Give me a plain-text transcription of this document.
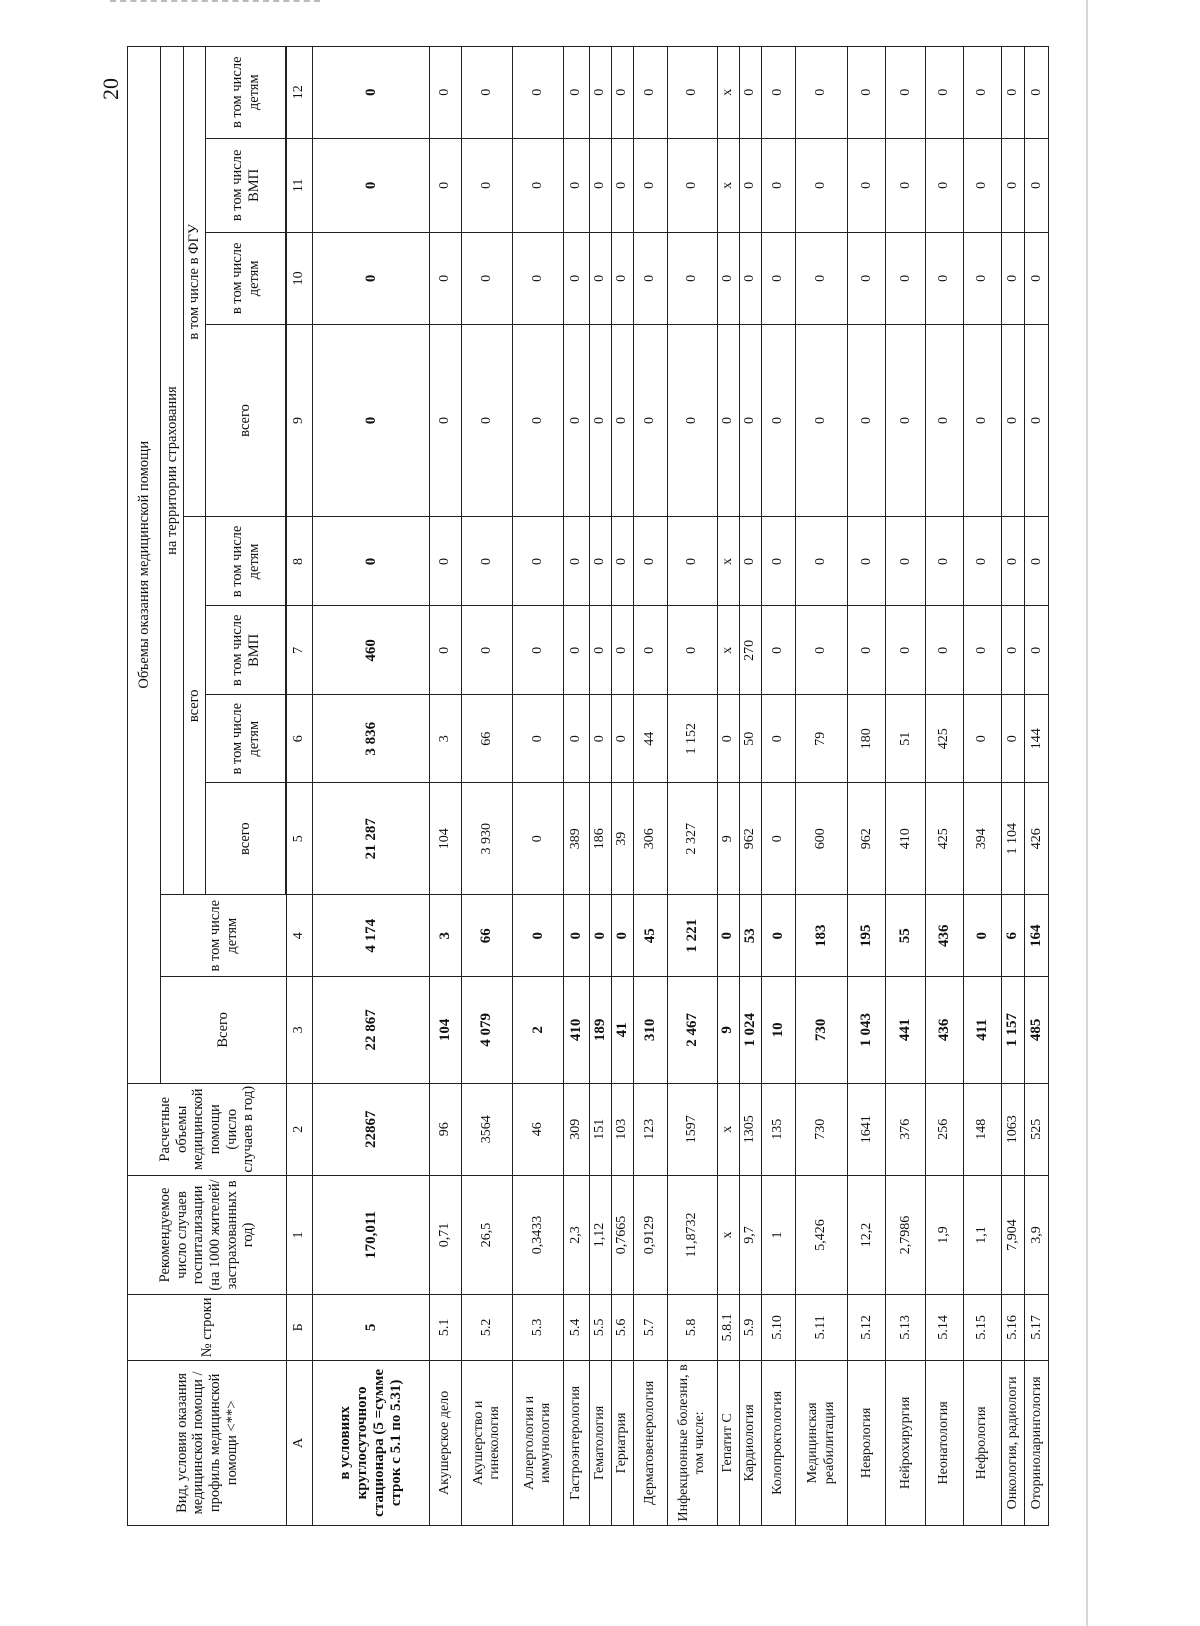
20
Вид, условия оказания медицинской помощи / профиль медицинской помощи <**>	№ строки	Рекомендуемое число случаев госпитализации (на 1000 жителей/ застрахованных в год)	Расчетные объемы медицинской помощи (число случаев в год)	Объемы оказания медицинской помощи									
				Всего	в том числе детям	на территории страхования							
						всего				в том числе в ФГУ			
						всего	в том числе детям	в том числе ВМП	в том числе детям	всего	в том числе детям	в том числе ВМП	в том числе детям

А	Б	1	2	3	4	5	6	7	8	9	10	11	12
в условиях круглосуточного стационара (5 =сумме строк с 5.1 по 5.31)	5	170,011	22867	22 867	4 174	21 287	3 836	460	0	0	0	0	0
Акушерское дело	5.1	0,71	96	104	3	104	3	0	0	0	0	0	0
Акушерство и гинекология	5.2	26,5	3564	4 079	66	3 930	66	0	0	0	0	0	0
Аллергология и иммунология	5.3	0,3433	46	2	0	0	0	0	0	0	0	0	0
Гастроэнтерология	5.4	2,3	309	410	0	389	0	0	0	0	0	0	0
Гематология	5.5	1,12	151	189	0	186	0	0	0	0	0	0	0
Гериатрия	5.6	0,7665	103	41	0	39	0	0	0	0	0	0	0
Дерматовенерология	5.7	0,9129	123	310	45	306	44	0	0	0	0	0	0
Инфекционные болезни, в том числе:	5.8	11,8732	1597	2 467	1 221	2 327	1 152	0	0	0	0	0	0
Гепатит С	5.8.1	х	х	9	0	9	0	х	х	0	0	х	х
Кардиология	5.9	9,7	1305	1 024	53	962	50	270	0	0	0	0	0
Колопроктология	5.10	1	135	10	0	0	0	0	0	0	0	0	0
Медицинская реабилитация	5.11	5,426	730	730	183	600	79	0	0	0	0	0	0
Неврология	5.12	12,2	1641	1 043	195	962	180	0	0	0	0	0	0
Нейрохирургия	5.13	2,7986	376	441	55	410	51	0	0	0	0	0	0
Неонатология	5.14	1,9	256	436	436	425	425	0	0	0	0	0	0
Нефрология	5.15	1,1	148	411	0	394	0	0	0	0	0	0	0
Онкология, радиологи	5.16	7,904	1063	1 157	6	1 104	0	0	0	0	0	0	0
Оториноларингология	5.17	3,9	525	485	164	426	144	0	0	0	0	0	0
